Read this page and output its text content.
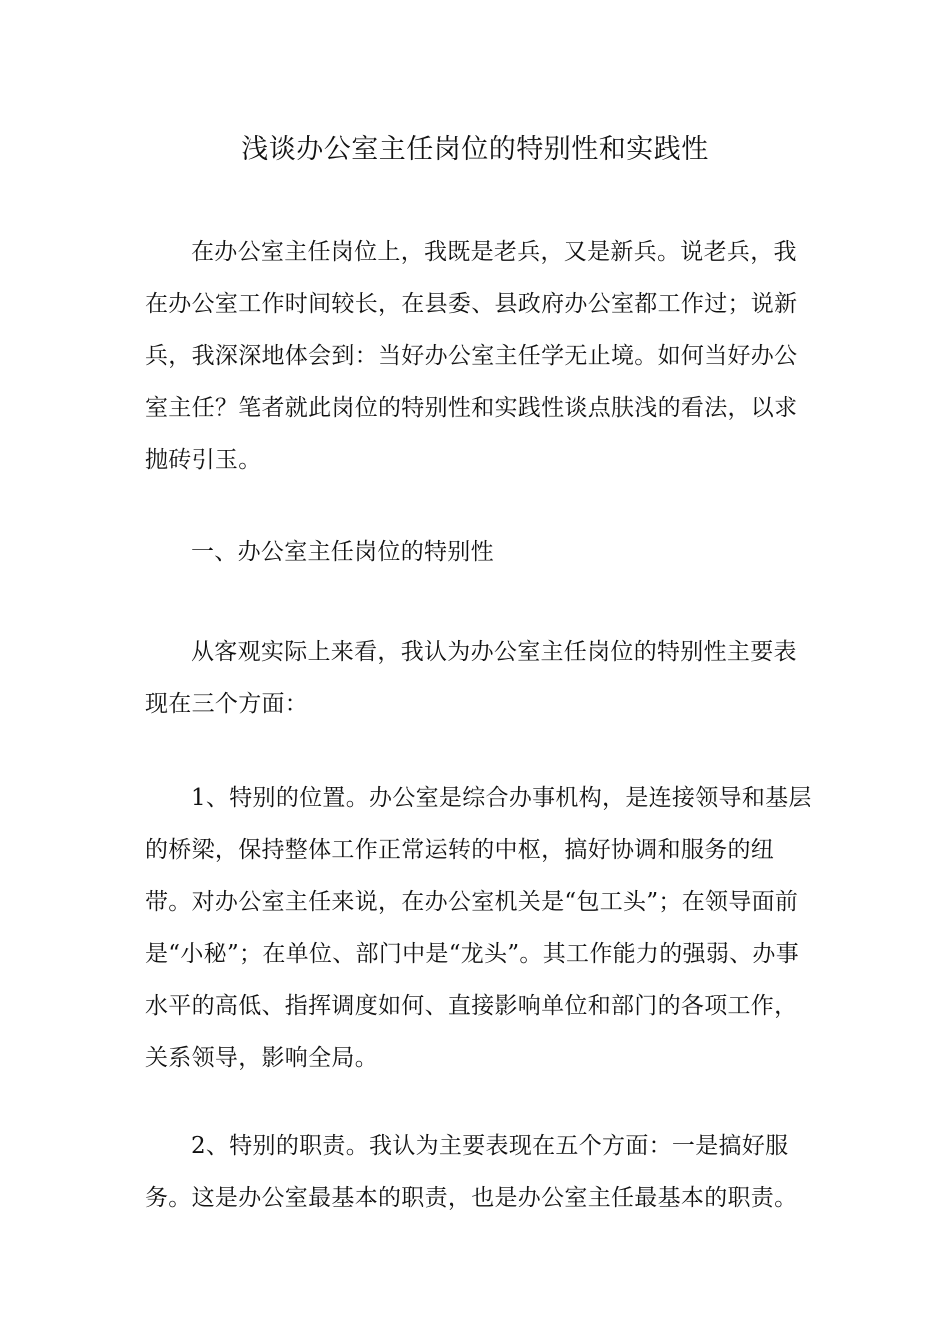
浅谈办公室主任岗位的特别性和实践性

在办公室主任岗位上，我既是老兵，又是新兵。说老兵，我在办公室工作时间较长，在县委、县政府办公室都工作过；说新兵，我深深地体会到：当好办公室主任学无止境。如何当好办公室主任？笔者就此岗位的特别性和实践性谈点肤浅的看法，以求抛砖引玉。

一、办公室主任岗位的特别性

从客观实际上来看，我认为办公室主任岗位的特别性主要表现在三个方面：

1、特别的位置。办公室是综合办事机构，是连接领导和基层的桥梁，保持整体工作正常运转的中枢，搞好协调和服务的纽带。对办公室主任来说，在办公室机关是“包工头”；在领导面前是“小秘”；在单位、部门中是“龙头”。其工作能力的强弱、办事水平的高低、指挥调度如何、直接影响单位和部门的各项工作，关系领导，影响全局。

2、特别的职责。我认为主要表现在五个方面：一是搞好服务。这是办公室最基本的职责，也是办公室主任最基本的职责。
